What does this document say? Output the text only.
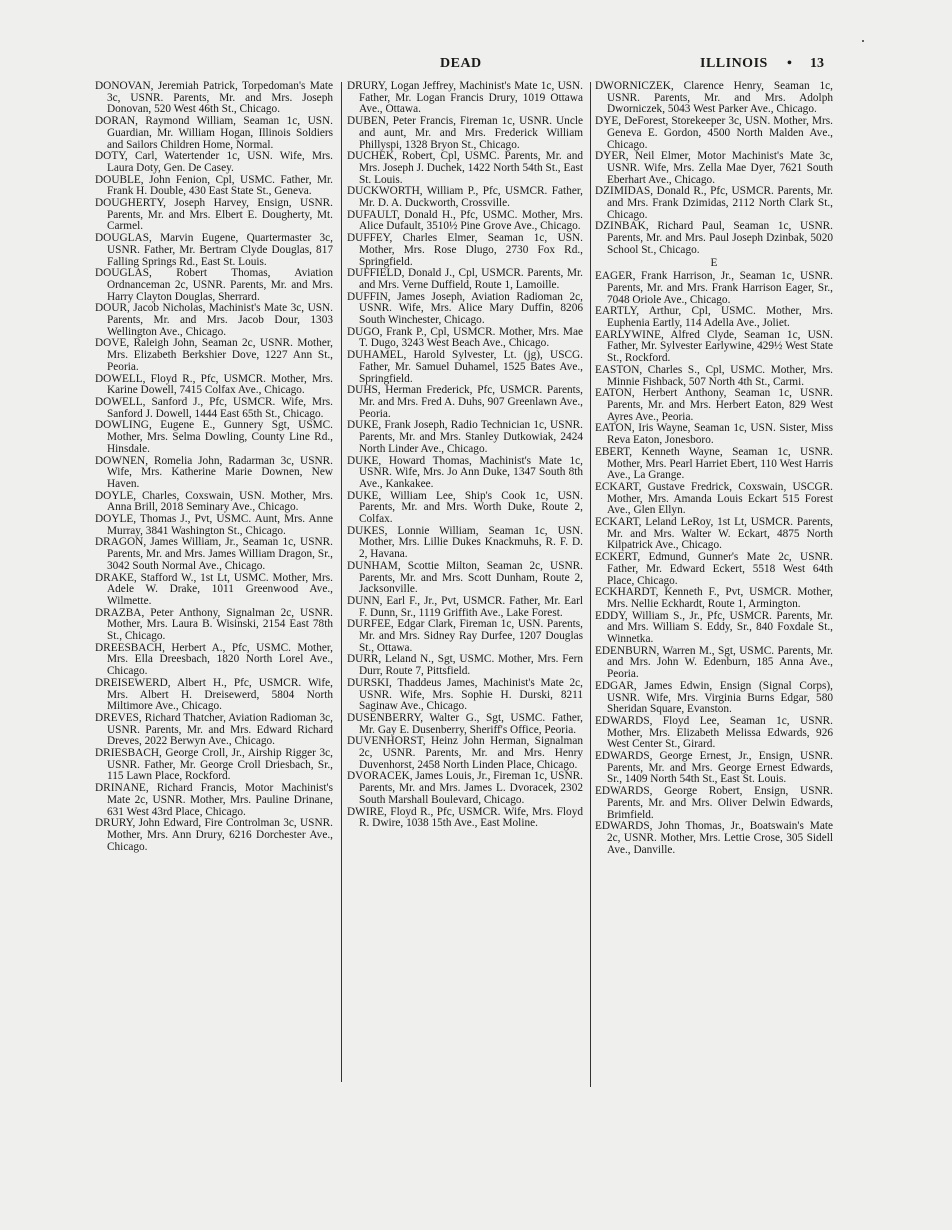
DEAD	ILLINOIS • 13
DONOVAN, Jeremiah Patrick, Torpedoman's Mate 3c, USNR. Parents, Mr. and Mrs. Joseph Donovan, 520 West 46th St., Chicago.
DORAN, Raymond William, Seaman 1c, USN. Guardian, Mr. William Hogan, Illinois Soldiers and Sailors Children Home, Normal.
DOTY, Carl, Watertender 1c, USN. Wife, Mrs. Laura Doty, Gen. De Casey.
DOUBLE, John Fenion, Cpl, USMC. Father, Mr. Frank H. Double, 430 East State St., Geneva.
DOUGHERTY, Joseph Harvey, Ensign, USNR. Parents, Mr. and Mrs. Elbert E. Dougherty, Mt. Carmel.
DOUGLAS, Marvin Eugene, Quartermaster 3c, USNR. Father, Mr. Bertram Clyde Douglas, 817 Falling Springs Rd., East St. Louis.
DOUGLAS, Robert Thomas, Aviation Ordnanceman 2c, USNR. Parents, Mr. and Mrs. Harry Clayton Douglas, Sherrard.
DOUR, Jacob Nicholas, Machinist's Mate 3c, USN. Parents, Mr. and Mrs. Jacob Dour, 1303 Wellington Ave., Chicago.
DOVE, Raleigh John, Seaman 2c, USNR. Mother, Mrs. Elizabeth Berkshier Dove, 1227 Ann St., Peoria.
DOWELL, Floyd R., Pfc, USMCR. Mother, Mrs. Karine Dowell, 7415 Colfax Ave., Chicago.
DOWELL, Sanford J., Pfc, USMCR. Wife, Mrs. Sanford J. Dowell, 1444 East 65th St., Chicago.
DOWLING, Eugene E., Gunnery Sgt, USMC. Mother, Mrs. Selma Dowling, County Line Rd., Hinsdale.
DOWNEN, Romelia John, Radarman 3c, USNR. Wife, Mrs. Katherine Marie Downen, New Haven.
DOYLE, Charles, Coxswain, USN. Mother, Mrs. Anna Brill, 2018 Seminary Ave., Chicago.
DOYLE, Thomas J., Pvt, USMC. Aunt, Mrs. Anne Murray, 3841 Washington St., Chicago.
DRAGON, James William, Jr., Seaman 1c, USNR. Parents, Mr. and Mrs. James William Dragon, Sr., 3042 South Normal Ave., Chicago.
DRAKE, Stafford W., 1st Lt, USMC. Mother, Mrs. Adele W. Drake, 1011 Greenwood Ave., Wilmette.
DRAZBA, Peter Anthony, Signalman 2c, USNR. Mother, Mrs. Laura B. Wisinski, 2154 East 78th St., Chicago.
DREESBACH, Herbert A., Pfc, USMC. Mother, Mrs. Ella Dreesbach, 1820 North Lorel Ave., Chicago.
DREISEWERD, Albert H., Pfc, USMCR. Wife, Mrs. Albert H. Dreisewerd, 5804 North Miltimore Ave., Chicago.
DREVES, Richard Thatcher, Aviation Radioman 3c, USNR. Parents, Mr. and Mrs. Edward Richard Dreves, 2022 Berwyn Ave., Chicago.
DRIESBACH, George Croll, Jr., Airship Rigger 3c, USNR. Father, Mr. George Croll Driesbach, Sr., 115 Lawn Place, Rockford.
DRINANE, Richard Francis, Motor Machinist's Mate 2c, USNR. Mother, Mrs. Pauline Drinane, 631 West 43rd Place, Chicago.
DRURY, John Edward, Fire Controlman 3c, USNR. Mother, Mrs. Ann Drury, 6216 Dorchester Ave., Chicago.
DRURY, Logan Jeffrey, Machinist's Mate 1c, USN. Father, Mr. Logan Francis Drury, 1019 Ottawa Ave., Ottawa.
DUBEN, Peter Francis, Fireman 1c, USNR. Uncle and aunt, Mr. and Mrs. Frederick William Phillyspi, 1328 Bryon St., Chicago.
DUCHEK, Robert, Cpl, USMC. Parents, Mr. and Mrs. Joseph J. Duchek, 1422 North 54th St., East St. Louis.
DUCKWORTH, William P., Pfc, USMCR. Father, Mr. D. A. Duckworth, Crossville.
DUFAULT, Donald H., Pfc, USMC. Mother, Mrs. Alice Dufault, 3510½ Pine Grove Ave., Chicago.
DUFFEY, Charles Elmer, Seaman 1c, USN. Mother, Mrs. Rose Dlugo, 2730 Fox Rd., Springfield.
DUFFIELD, Donald J., Cpl, USMCR. Parents, Mr. and Mrs. Verne Duffield, Route 1, Lamoille.
DUFFIN, James Joseph, Aviation Radioman 2c, USNR. Wife, Mrs. Alice Mary Duffin, 8206 South Winchester, Chicago.
DUGO, Frank P., Cpl, USMCR. Mother, Mrs. Mae T. Dugo, 3243 West Beach Ave., Chicago.
DUHAMEL, Harold Sylvester, Lt. (jg), USCG. Father, Mr. Samuel Duhamel, 1525 Bates Ave., Springfield.
DUHS, Herman Frederick, Pfc, USMCR. Parents, Mr. and Mrs. Fred A. Duhs, 907 Greenlawn Ave., Peoria.
DUKE, Frank Joseph, Radio Technician 1c, USNR. Parents, Mr. and Mrs. Stanley Dutkowiak, 2424 North Linder Ave., Chicago.
DUKE, Howard Thomas, Machinist's Mate 1c, USNR. Wife, Mrs. Jo Ann Duke, 1347 South 8th Ave., Kankakee.
DUKE, William Lee, Ship's Cook 1c, USN. Parents, Mr. and Mrs. Worth Duke, Route 2, Colfax.
DUKES, Lonnie William, Seaman 1c, USN. Mother, Mrs. Lillie Dukes Knackmuhs, R. F. D. 2, Havana.
DUNHAM, Scottie Milton, Seaman 2c, USNR. Parents, Mr. and Mrs. Scott Dunham, Route 2, Jacksonville.
DUNN, Earl F., Jr., Pvt, USMCR. Father, Mr. Earl F. Dunn, Sr., 1119 Griffith Ave., Lake Forest.
DURFEE, Edgar Clark, Fireman 1c, USN. Parents, Mr. and Mrs. Sidney Ray Durfee, 1207 Douglas St., Ottawa.
DURR, Leland N., Sgt, USMC. Mother, Mrs. Fern Durr, Route 7, Pittsfield.
DURSKI, Thaddeus James, Machinist's Mate 2c, USNR. Wife, Mrs. Sophie H. Durski, 8211 Saginaw Ave., Chicago.
DUSENBERRY, Walter G., Sgt, USMC. Father, Mr. Gay E. Dusenberry, Sheriff's Office, Peoria.
DUVENHORST, Heinz John Herman, Signalman 2c, USNR. Parents, Mr. and Mrs. Henry Duvenhorst, 2458 North Linden Place, Chicago.
DVORACEK, James Louis, Jr., Fireman 1c, USNR. Parents, Mr. and Mrs. James L. Dvoracek, 2302 South Marshall Boulevard, Chicago.
DWIRE, Floyd R., Pfc, USMCR. Wife, Mrs. Floyd R. Dwire, 1038 15th Ave., East Moline.
DWORNICZEK, Clarence Henry, Seaman 1c, USNR. Parents, Mr. and Mrs. Adolph Dworniczek, 5043 West Parker Ave., Chicago.
DYE, DeForest, Storekeeper 3c, USN. Mother, Mrs. Geneva E. Gordon, 4500 North Malden Ave., Chicago.
DYER, Neil Elmer, Motor Machinist's Mate 3c, USNR. Wife, Mrs. Zella Mae Dyer, 7621 South Eberhart Ave., Chicago.
DZIMIDAS, Donald R., Pfc, USMCR. Parents, Mr. and Mrs. Frank Dzimidas, 2112 North Clark St., Chicago.
DZINBAK, Richard Paul, Seaman 1c, USNR. Parents, Mr. and Mrs. Paul Joseph Dzinbak, 5020 School St., Chicago.
E
EAGER, Frank Harrison, Jr., Seaman 1c, USNR. Parents, Mr. and Mrs. Frank Harrison Eager, Sr., 7048 Oriole Ave., Chicago.
EARTLY, Arthur, Cpl, USMC. Mother, Mrs. Euphenia Eartly, 114 Adella Ave., Joliet.
EARLYWINE, Alfred Clyde, Seaman 1c, USN. Father, Mr. Sylvester Earlywine, 429½ West State St., Rockford.
EASTON, Charles S., Cpl, USMC. Mother, Mrs. Minnie Fishback, 507 North 4th St., Carmi.
EATON, Herbert Anthony, Seaman 1c, USNR. Parents, Mr. and Mrs. Herbert Eaton, 829 West Ayres Ave., Peoria.
EATON, Iris Wayne, Seaman 1c, USN. Sister, Miss Reva Eaton, Jonesboro.
EBERT, Kenneth Wayne, Seaman 1c, USNR. Mother, Mrs. Pearl Harriet Ebert, 110 West Harris Ave., La Grange.
ECKART, Gustave Fredrick, Coxswain, USCGR. Mother, Mrs. Amanda Louis Eckart 515 Forest Ave., Glen Ellyn.
ECKART, Leland LeRoy, 1st Lt, USMCR. Parents, Mr. and Mrs. Walter W. Eckart, 4875 North Kilpatrick Ave., Chicago.
ECKERT, Edmund, Gunner's Mate 2c, USNR. Father, Mr. Edward Eckert, 5518 West 64th Place, Chicago.
ECKHARDT, Kenneth F., Pvt, USMCR. Mother, Mrs. Nellie Eckhardt, Route 1, Armington.
EDDY, William S., Jr., Pfc, USMCR. Parents, Mr. and Mrs. William S. Eddy, Sr., 840 Foxdale St., Winnetka.
EDENBURN, Warren M., Sgt, USMC. Parents, Mr. and Mrs. John W. Edenburn, 185 Anna Ave., Peoria.
EDGAR, James Edwin, Ensign (Signal Corps), USNR. Wife, Mrs. Virginia Burns Edgar, 580 Sheridan Square, Evanston.
EDWARDS, Floyd Lee, Seaman 1c, USNR. Mother, Mrs. Elizabeth Melissa Edwards, 926 West Center St., Girard.
EDWARDS, George Ernest, Jr., Ensign, USNR. Parents, Mr. and Mrs. George Ernest Edwards, Sr., 1409 North 54th St., East St. Louis.
EDWARDS, George Robert, Ensign, USNR. Parents, Mr. and Mrs. Oliver Delwin Edwards, Brimfield.
EDWARDS, John Thomas, Jr., Boatswain's Mate 2c, USNR. Mother, Mrs. Lettie Crose, 305 Sidell Ave., Danville.
